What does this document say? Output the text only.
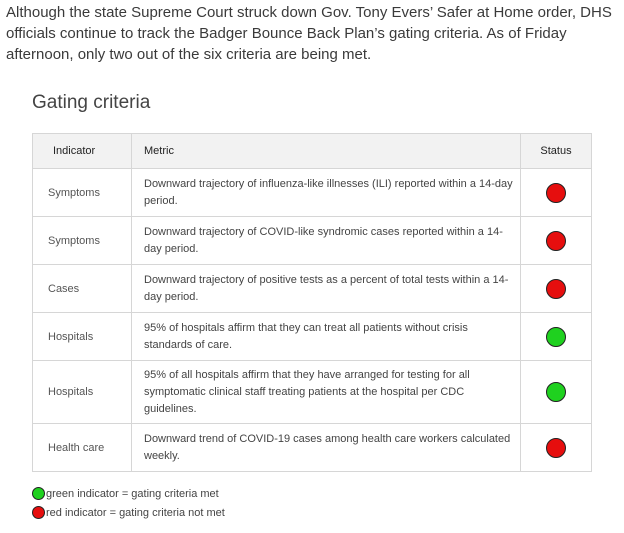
Although the state Supreme Court struck down Gov. Tony Evers’ Safer at Home order, DHS officials continue to track the Badger Bounce Back Plan’s gating criteria. As of Friday afternoon, only two out of the six criteria are being met.

Gating criteria
Indicator	Metric	Status
Symptoms	Downward trajectory of influenza-like illnesses (ILI) reported within a 14-day period.	
Symptoms	Downward trajectory of COVID-like syndromic cases reported within a 14-day period.	
Cases	Downward trajectory of positive tests as a percent of total tests within a 14-day period.	
Hospitals	95% of hospitals affirm that they can treat all patients without crisis standards of care.	
Hospitals	95% of all hospitals affirm that they have arranged for testing for all symptomatic clinical staff treating patients at the hospital per CDC guidelines.	
Health care	Downward trend of COVID-19 cases among health care workers calculated weekly.	
green indicator = gating criteria met
red indicator = gating criteria not met
